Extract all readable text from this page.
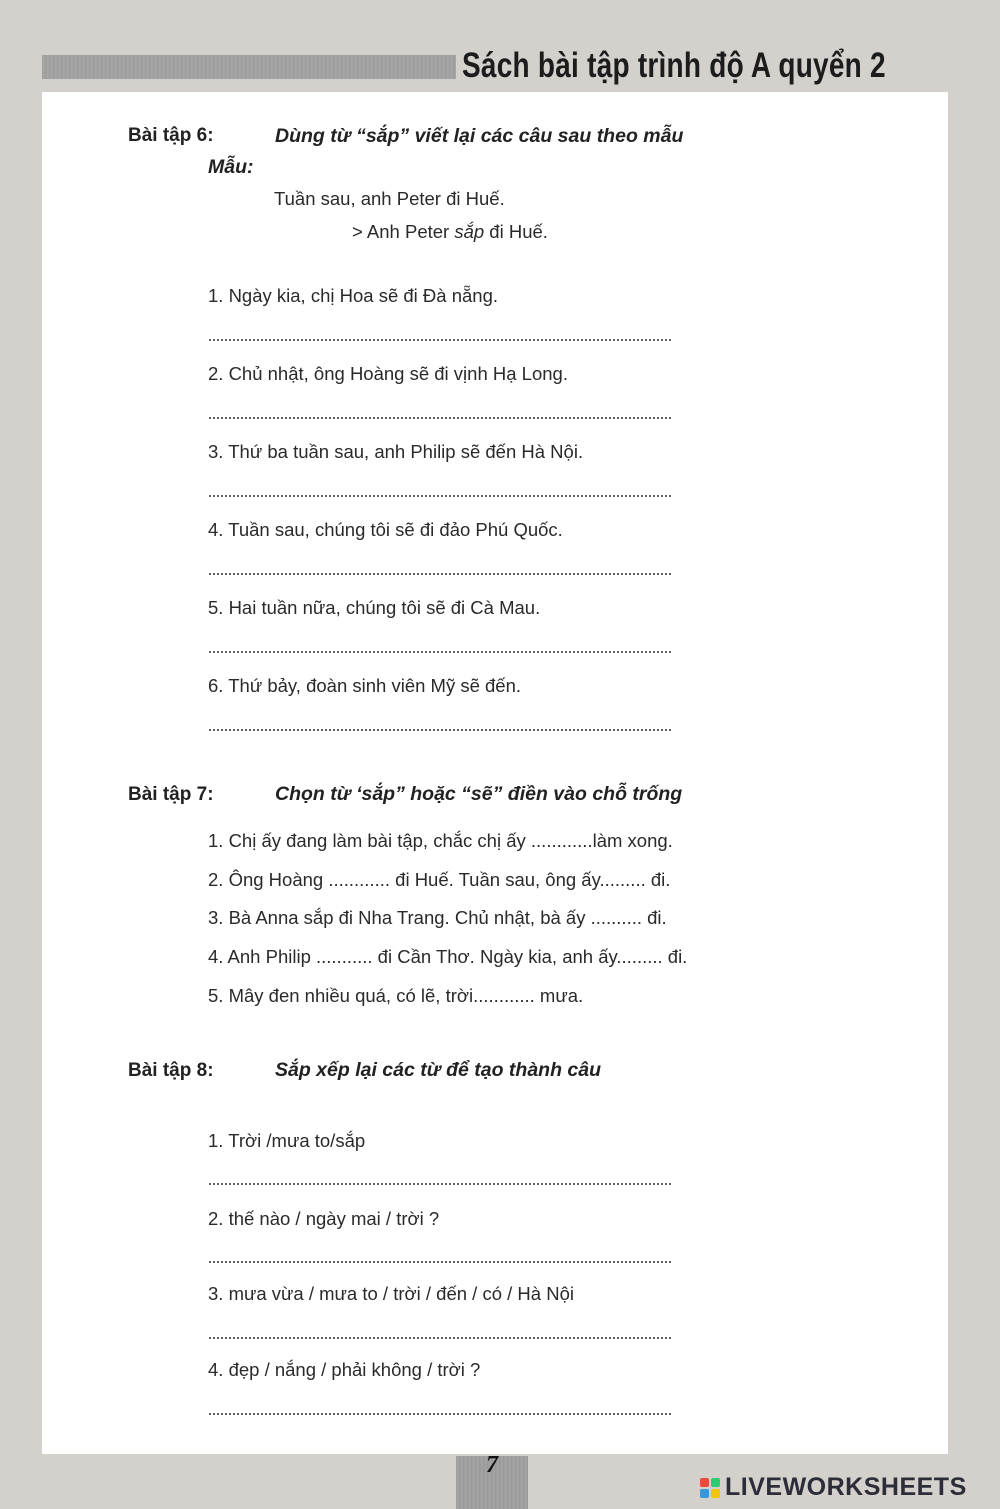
Sách bài tập trình độ A quyển 2
Bài tập 6:	Dùng từ “sắp” viết lại các câu sau theo mẫu
Mẫu:
Tuần sau, anh Peter đi Huế.
> Anh Peter sắp đi Huế.
1. Ngày kia, chị Hoa sẽ đi Đà nẵng.
2. Chủ nhật, ông Hoàng sẽ đi vịnh Hạ Long.
3. Thứ ba tuần sau, anh Philip sẽ đến Hà Nội.
4. Tuần sau, chúng tôi sẽ đi đảo Phú Quốc.
5. Hai tuần nữa, chúng tôi sẽ đi Cà Mau.
6. Thứ bảy, đoàn sinh viên Mỹ sẽ đến.
Bài tập 7:	Chọn từ ‘sắp” hoặc “sẽ” điền vào chỗ trống
1. Chị ấy đang làm bài tập, chắc chị ấy ............làm xong.
2. Ông Hoàng ............ đi Huế. Tuần sau, ông ấy......... đi.
3. Bà Anna sắp đi Nha Trang. Chủ nhật, bà ấy .......... đi.
4. Anh Philip ........... đi Cần Thơ. Ngày kia, anh ấy......... đi.
5. Mây đen nhiều quá, có lẽ, trời............ mưa.
Bài tập 8:	Sắp xếp lại các từ để tạo thành câu
1. Trời /mưa to/sắp
2. thế nào / ngày mai / trời ?
3. mưa vừa / mưa to / trời / đến / có / Hà Nội
4. đẹp / nắng / phải không / trời ?
7
LIVEWORKSHEETS
